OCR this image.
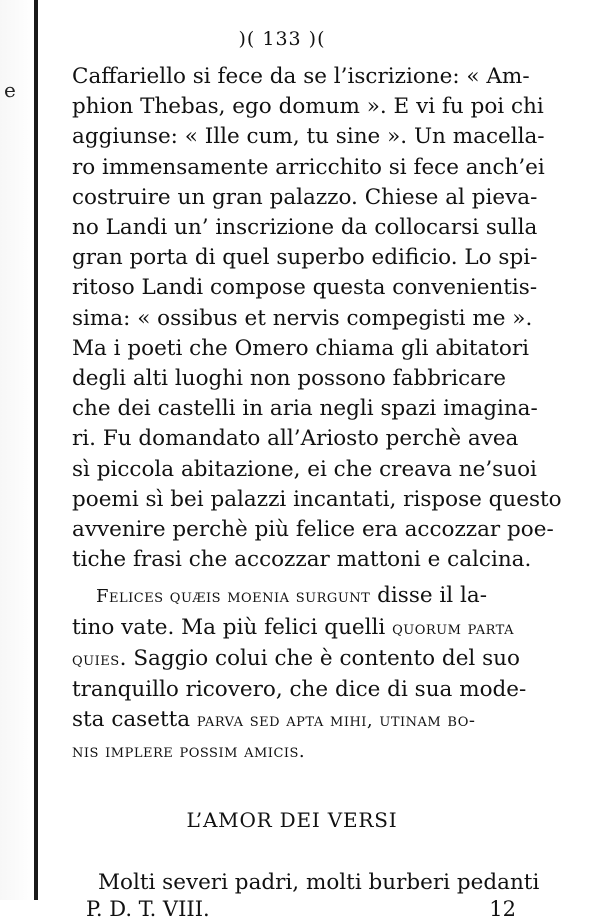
e
)( 133 )(

Caffariello si fece da se l’iscrizione: « Am-

phion Thebas, ego domum ». E vi fu poi chi

aggiunse: « Ille cum, tu sine ». Un macella-

ro immensamente arricchito si fece anch’ei

costruire un gran palazzo. Chiese al pieva-

no Landi un’ inscrizione da collocarsi sulla

gran porta di quel superbo edificio. Lo spi-

ritoso Landi compose questa convenientis-

sima: « ossibus et nervis compegisti me ».

Ma i poeti che Omero chiama gli abitatori

degli alti luoghi non possono fabbricare

che dei castelli in aria negli spazi imagina-

ri. Fu domandato all’Ariosto perchè avea

sì piccola abitazione, ei che creava ne’suoi

poemi sì bei palazzi incantati, rispose questo

avvenire perchè più felice era accozzar poe-

tiche frasi che accozzar mattoni e calcina.

Felices quæis moenia surgunt disse il la-

tino vate. Ma più felici quelli quorum parta

quies. Saggio colui che è contento del suo

tranquillo ricovero, che dice di sua mode-

sta casetta parva sed apta mihi, utinam bo-

nis implere possim amicis.

L’AMOR DEI VERSI
Molti severi padri, molti burberi pedanti
P. D. T. VIII.	12
